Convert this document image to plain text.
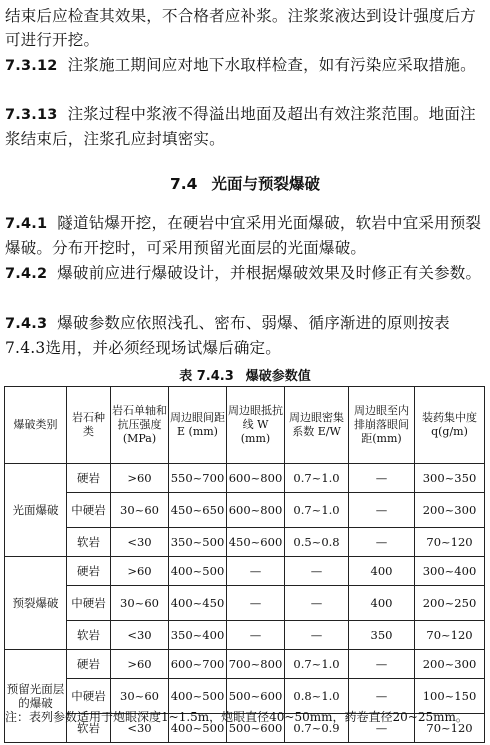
结束后应检查其效果，不合格者应补浆。注浆浆液达到设计强度后方可进行开挖。
7.3.12 注浆施工期间应对地下水取样检查，如有污染应采取措施。
7.3.13 注浆过程中浆液不得溢出地面及超出有效注浆范围。地面注浆结束后，注浆孔应封填密实。
7.4 光面与预裂爆破
7.4.1 隧道钻爆开挖，在硬岩中宜采用光面爆破，软岩中宜采用预裂爆破。分布开挖时，可采用预留光面层的光面爆破。
7.4.2 爆破前应进行爆破设计，并根据爆破效果及时修正有关参数。
7.4.3 爆破参数应依照浅孔、密布、弱爆、循序渐进的原则按表7.4.3选用，并必须经现场试爆后确定。
表 7.4.3 爆破参数值
爆破类别	岩石种类	岩石单轴和抗压强度(MPa)	周边眼间距 E (mm)	周边眼抵抗线 W (mm)	周边眼密集系数 E/W	周边眼至内排崩落眼间距(mm)	装药集中度 q(g/m)
光面爆破	硬岩	>60	550~700	600~800	0.7~1.0	—	300~350
	中硬岩	30~60	450~650	600~800	0.7~1.0	—	200~300
	软岩	<30	350~500	450~600	0.5~0.8	—	70~120
预裂爆破	硬岩	>60	400~500	—	—	400	300~400
	中硬岩	30~60	400~450	—	—	400	200~250
	软岩	<30	350~400	—	—	350	70~120
预留光面层的爆破	硬岩	>60	600~700	700~800	0.7~1.0	—	200~300
	中硬岩	30~60	400~500	500~600	0.8~1.0	—	100~150
	软岩	<30	400~500	500~600	0.7~0.9	—	70~120
注：表列参数适用于炮眼深度1~1.5m，炮眼直径40~50mm，药卷直径20~25mm。
